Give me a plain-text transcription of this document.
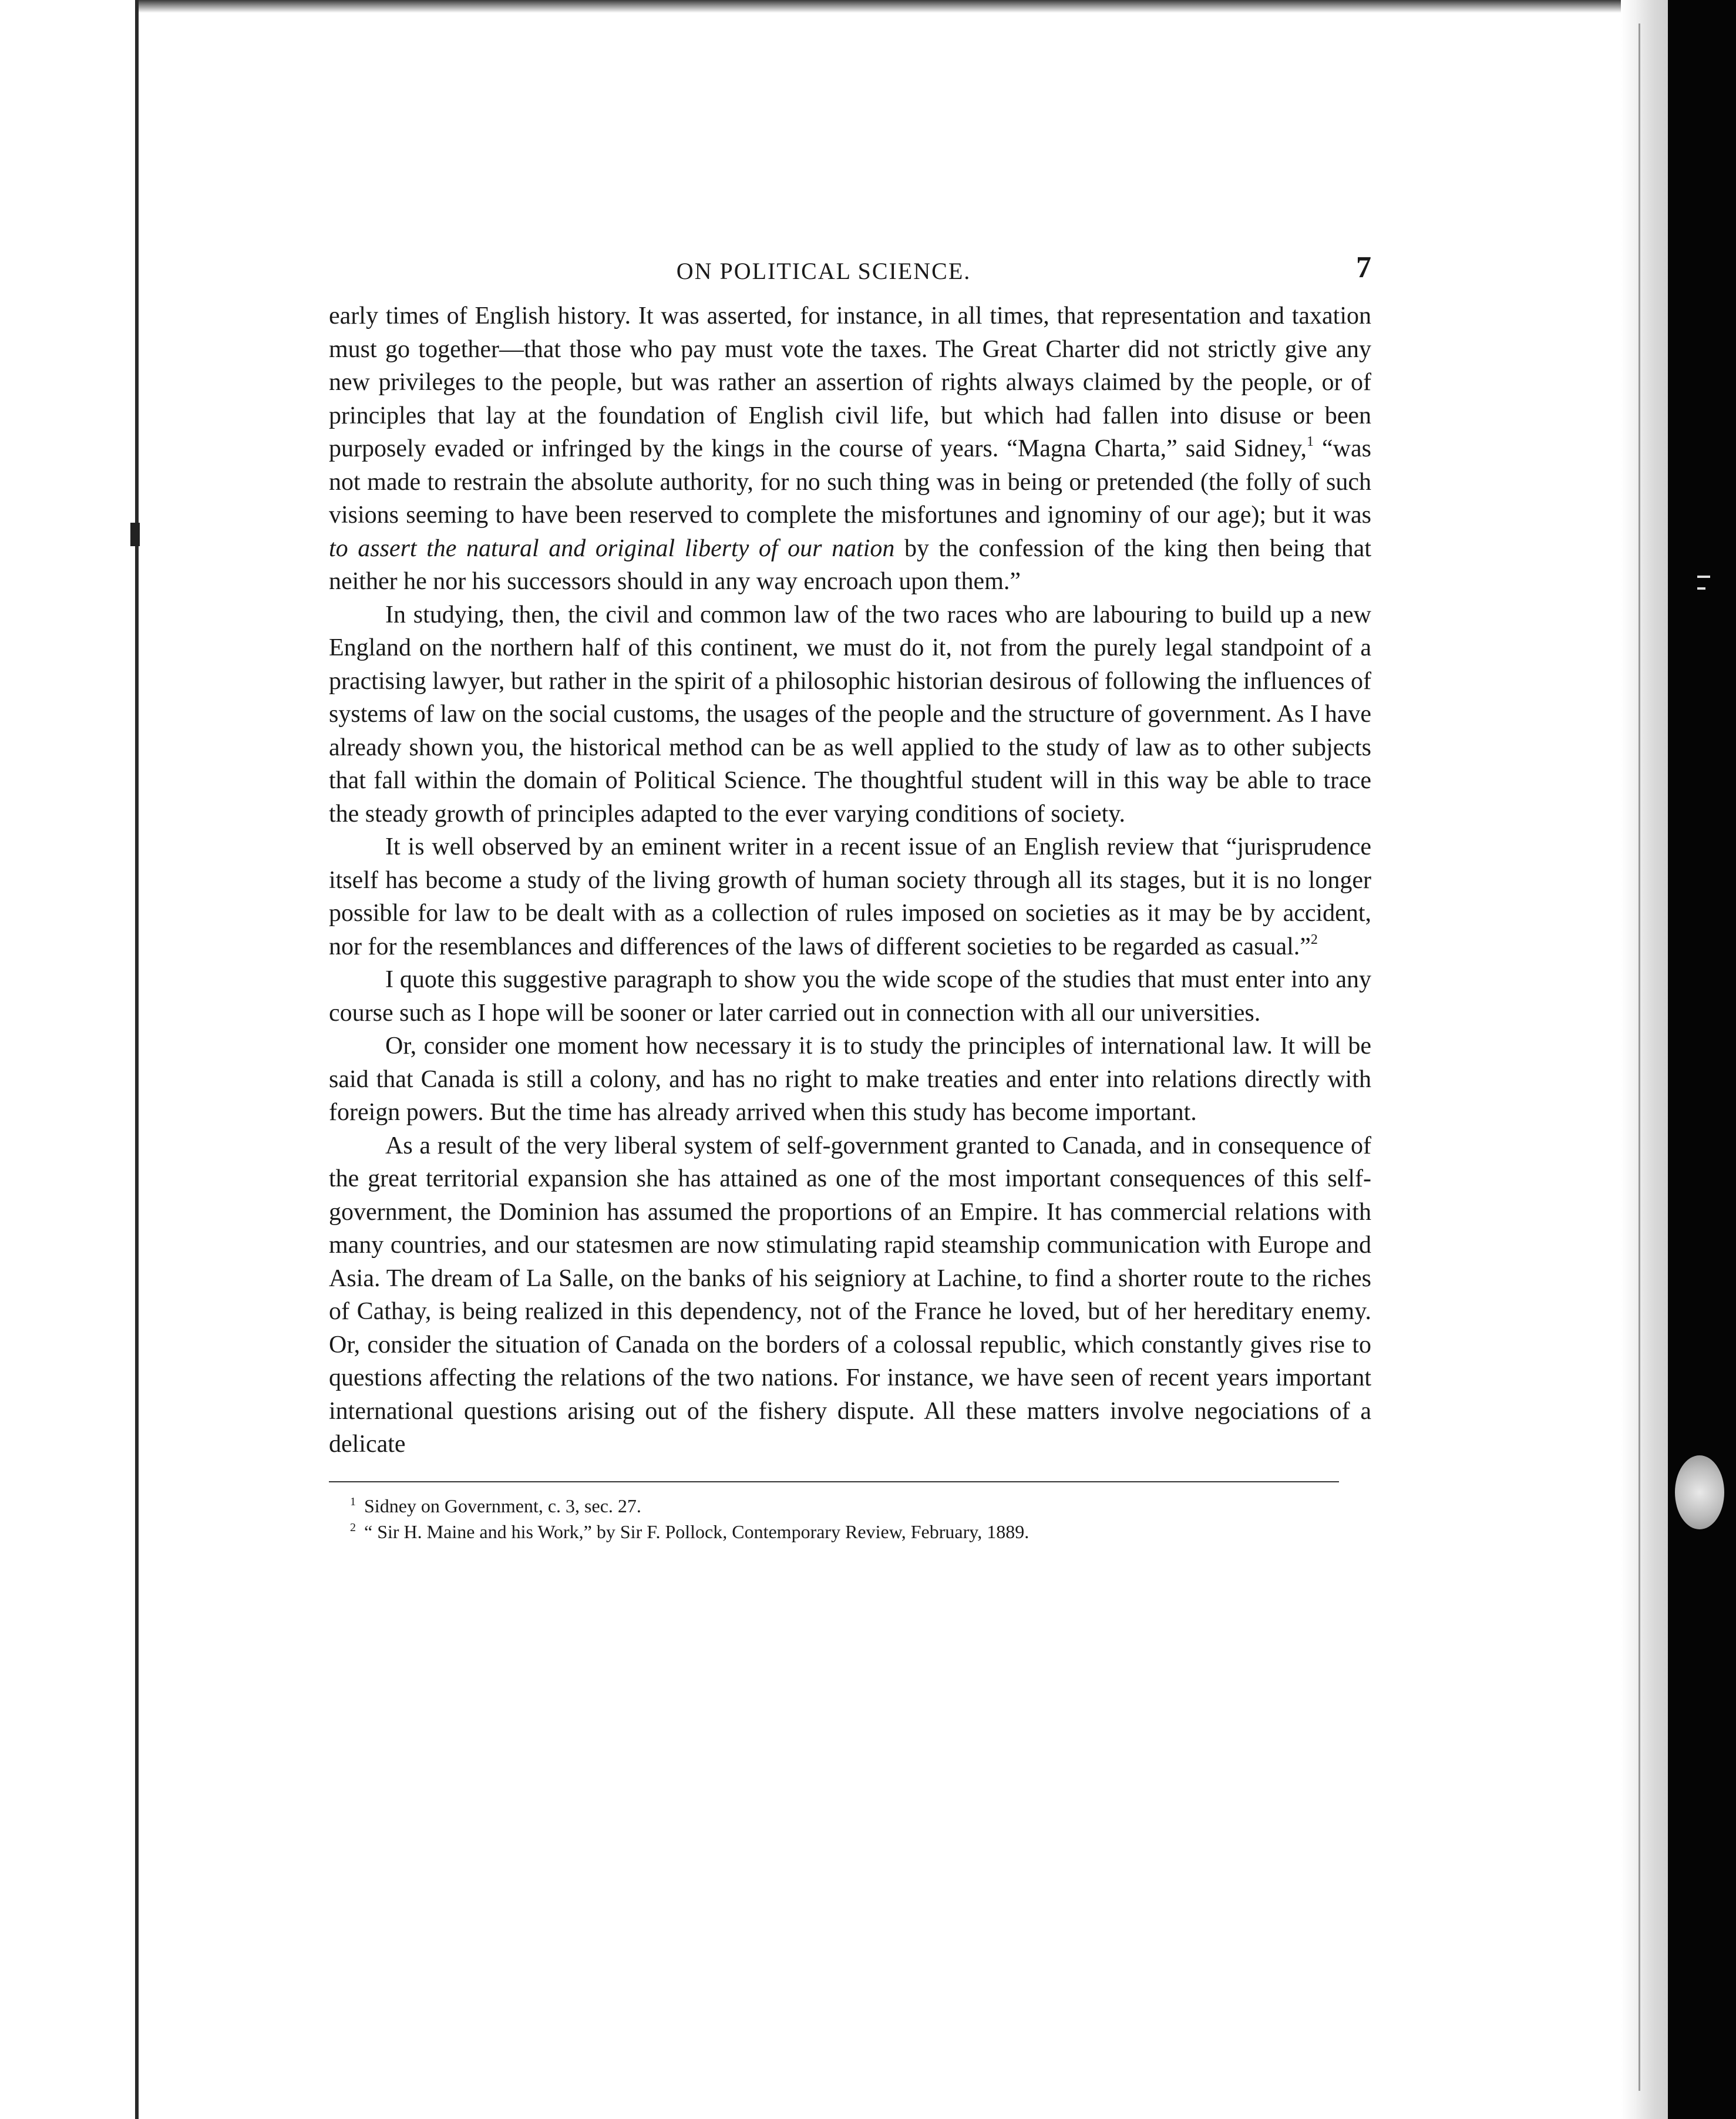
ON POLITICAL SCIENCE.	7

early times of English history. It was asserted, for instance, in all times, that representation and taxation must go together—that those who pay must vote the taxes. The Great Charter did not strictly give any new privileges to the people, but was rather an assertion of rights always claimed by the people, or of principles that lay at the foundation of English civil life, but which had fallen into disuse or been purposely evaded or infringed by the kings in the course of years. “Magna Charta,” said Sidney,$^1$ “was not made to restrain the absolute authority, for no such thing was in being or pretended (the folly of such visions seeming to have been reserved to complete the misfortunes and ignominy of our age); but it was to assert the natural and original liberty of our nation by the confession of the king then being that neither he nor his successors should in any way encroach upon them.”

In studying, then, the civil and common law of the two races who are labouring to build up a new England on the northern half of this continent, we must do it, not from the purely legal standpoint of a practising lawyer, but rather in the spirit of a philosophic historian desirous of following the influences of systems of law on the social customs, the usages of the people and the structure of government. As I have already shown you, the historical method can be as well applied to the study of law as to other subjects that fall within the domain of Political Science. The thoughtful student will in this way be able to trace the steady growth of principles adapted to the ever varying conditions of society.

It is well observed by an eminent writer in a recent issue of an English review that “jurisprudence itself has become a study of the living growth of human society through all its stages, but it is no longer possible for law to be dealt with as a collection of rules imposed on societies as it may be by accident, nor for the resemblances and differences of the laws of different societies to be regarded as casual.”$^2$

I quote this suggestive paragraph to show you the wide scope of the studies that must enter into any course such as I hope will be sooner or later carried out in connection with all our universities.

Or, consider one moment how necessary it is to study the principles of international law. It will be said that Canada is still a colony, and has no right to make treaties and enter into relations directly with foreign powers. But the time has already arrived when this study has become important.

As a result of the very liberal system of self-government granted to Canada, and in consequence of the great territorial expansion she has attained as one of the most important consequences of this self-government, the Dominion has assumed the proportions of an Empire. It has commercial relations with many countries, and our statesmen are now stimulating rapid steamship communication with Europe and Asia. The dream of La Salle, on the banks of his seigniory at Lachine, to find a shorter route to the riches of Cathay, is being realized in this dependency, not of the France he loved, but of her hereditary enemy. Or, consider the situation of Canada on the borders of a colossal republic, which constantly gives rise to questions affecting the relations of the two nations. For instance, we have seen of recent years important international questions arising out of the fishery dispute. All these matters involve negociations of a delicate

$^1$ Sidney on Government, c. 3, sec. 27.
$^2$ “ Sir H. Maine and his Work,” by Sir F. Pollock, Contemporary Review, February, 1889.
